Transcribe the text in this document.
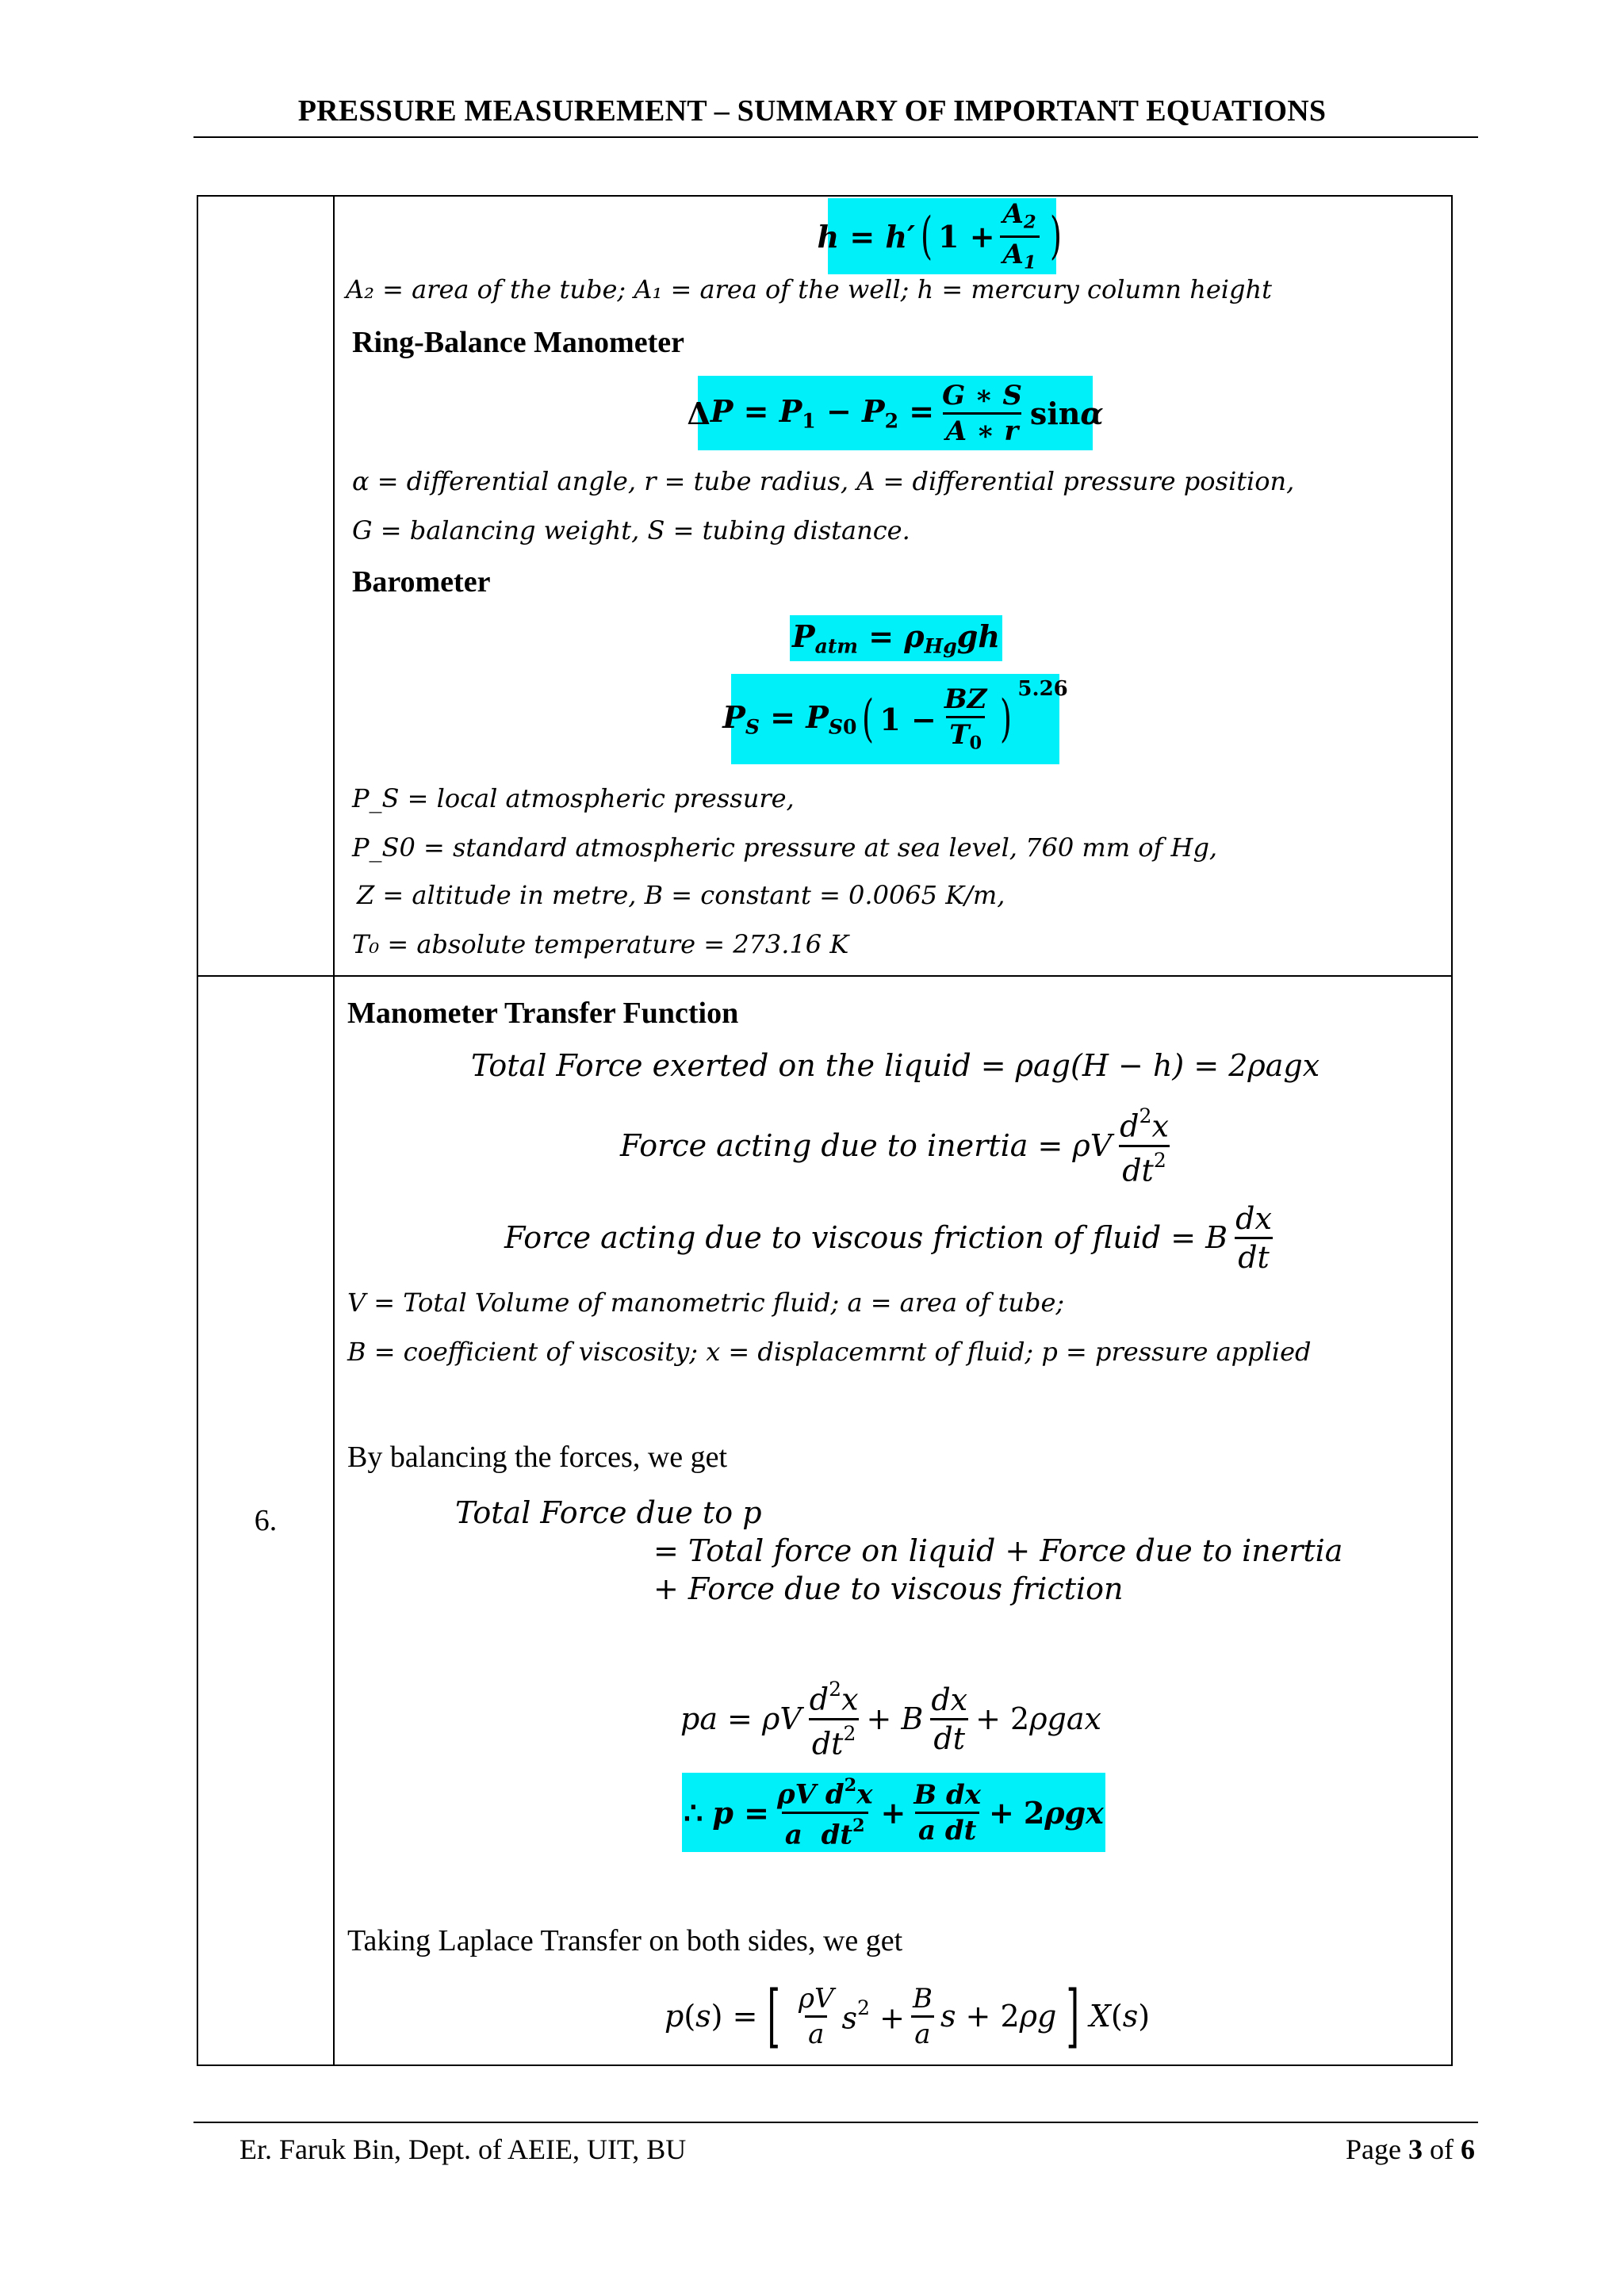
PRESSURE MEASUREMENT – SUMMARY OF IMPORTANT EQUATIONS
6.
h = h′ ( $1 + \frac{A_2}{A_1}$ )
A₂ = area of the tube; A₁ = area of the well; h = mercury column height
Ring-Balance Manometer
Δ $P = P_1 - P_2 = \frac{G ∗ S}{A ∗ r}$ sin α
α = differential angle, r = tube radius, A = differential pressure position,
G = balancing weight, S = tubing distance.
Barometer
$P_{atm} = \rho_{Hg}gh$
$P_S = P_{S0}$ ( $1 - \frac{BZ}{T_0}$ )
5.26
P_S = local atmospheric pressure,
P_S0 = standard atmospheric pressure at sea level, 760 mm of Hg,
Z = altitude in metre, B = constant = 0.0065 K/m,
T₀ = absolute temperature = 273.16 K
Manometer Transfer Function
Total Force exerted on the liquid = ρag(H − h) = 2ρagx
Force acting due to inertia = ρV $\frac{d^2x}{dt^2}$
Force acting due to viscous friction of fluid = B $\frac{dx}{dt}$
V = Total Volume of manometric fluid; a = area of tube;
B = coefficient of viscosity; x = displacemrnt of fluid; p = pressure applied
By balancing the forces, we get
Total Force due to p
= Total force on liquid + Force due to inertia
+ Force due to viscous friction
pa = ρV $\frac{d^2x}{dt^2} + B \frac{dx}{dt} + 2\rho gax$
∴ $p = \frac{\rho V d^2x}{a dt^2} + \frac{\text{B dx}}{\text{a dt}} + 2\rho gx$
Taking Laplace Transfer on both sides, we get
p(s) = [ $\frac{\rho V}{a} s^2 + \frac{B}{a}$ s + 2ρg ] X(s)
Er. Faruk Bin, Dept. of AEIE, UIT, BU	Page 3 of 6
